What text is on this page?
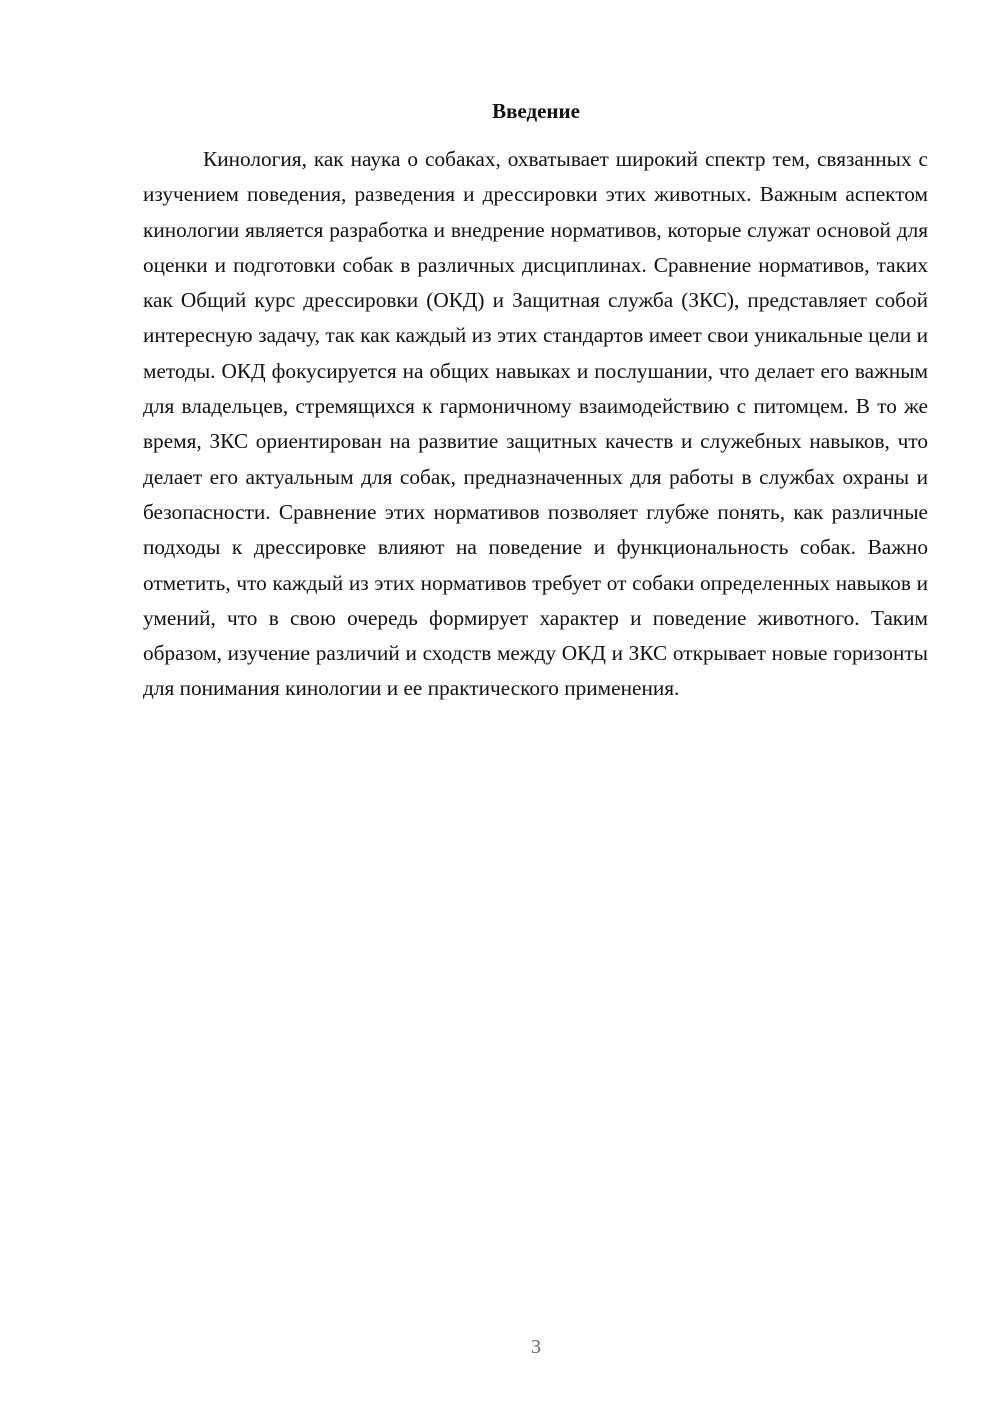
Введение

Кинология, как наука о собаках, охватывает широкий спектр тем, связанных с изучением поведения, разведения и дрессировки этих животных. Важным аспектом кинологии является разработка и внедрение нормативов, которые служат основой для оценки и подготовки собак в различных дисциплинах. Сравнение нормативов, таких как Общий курс дрессировки (ОКД) и Защитная служба (ЗКС), представляет собой интересную задачу, так как каждый из этих стандартов имеет свои уникальные цели и методы. ОКД фокусируется на общих навыках и послушании, что делает его важным для владельцев, стремящихся к гармоничному взаимодействию с питомцем. В то же время, ЗКС ориентирован на развитие защитных качеств и служебных навыков, что делает его актуальным для собак, предназначенных для работы в службах охраны и безопасности. Сравнение этих нормативов позволяет глубже понять, как различные подходы к дрессировке влияют на поведение и функциональность собак. Важно отметить, что каждый из этих нормативов требует от собаки определенных навыков и умений, что в свою очередь формирует характер и поведение животного. Таким образом, изучение различий и сходств между ОКД и ЗКС открывает новые горизонты для понимания кинологии и ее практического применения.

3
